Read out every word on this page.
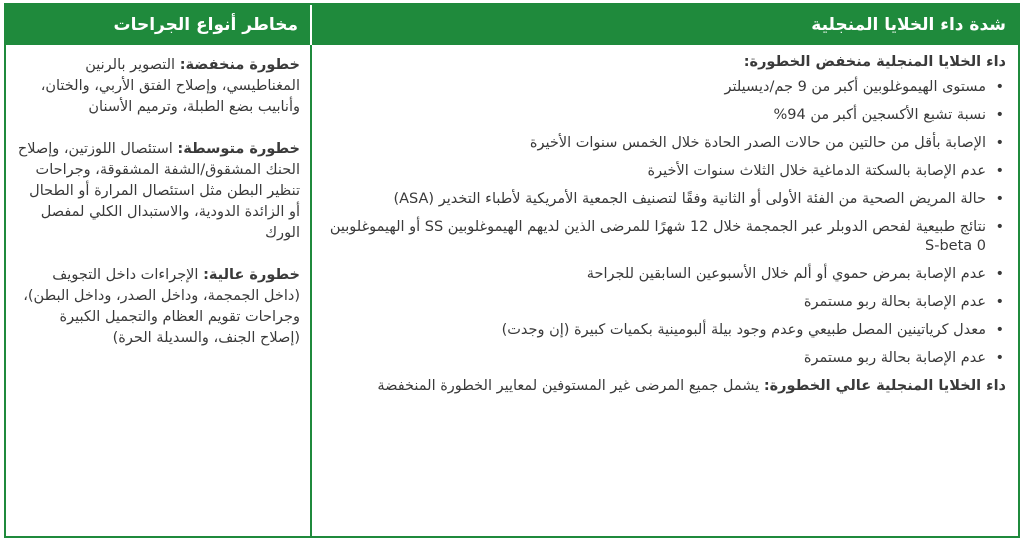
شدة داء الخلايا المنجلية
مخاطر أنواع الجراحات
داء الخلايا المنجلية منخفض الخطورة:
• مستوى الهيموغلوبين أكبر من 9 جم/ديسيلتر
• نسبة تشبع الأكسجين أكبر من 94%
• الإصابة بأقل من حالتين من حالات الصدر الحادة خلال الخمس سنوات الأخيرة
• عدم الإصابة بالسكتة الدماغية خلال الثلاث سنوات الأخيرة
• حالة المريض الصحية من الفئة الأولى أو الثانية وفقًا لتصنيف الجمعية الأمريكية لأطباء التخدير (ASA)
• نتائج طبيعية لفحص الدوبلر عبر الجمجمة خلال 12 شهرًا للمرضى الذين لديهم الهيموغلوبين SS أو الهيموغلوبين S-beta 0
• عدم الإصابة بمرض حموي أو ألم خلال الأسبوعين السابقين للجراحة
• عدم الإصابة بحالة ربو مستمرة
• معدل كرياتينين المصل طبيعي وعدم وجود بيلة ألبومينية بكميات كبيرة (إن وجدت)
• عدم الإصابة بحالة ربو مستمرة
داء الخلايا المنجلية عالي الخطورة: يشمل جميع المرضى غير المستوفين لمعايير الخطورة المنخفضة
خطورة منخفضة: التصوير بالرنين المغناطيسي، وإصلاح الفتق الأربي، والختان، وأنابيب بضع الطبلة، وترميم الأسنان
خطورة متوسطة: استئصال اللوزتين، وإصلاح الحنك المشقوق/الشفة المشقوقة، وجراحات تنظير البطن مثل استئصال المرارة أو الطحال أو الزائدة الدودية، والاستبدال الكلي لمفصل الورك
خطورة عالية: الإجراءات داخل التجويف (داخل الجمجمة، وداخل الصدر، وداخل البطن)، وجراحات تقويم العظام والتجميل الكبيرة (إصلاح الجنف، والسديلة الحرة)
